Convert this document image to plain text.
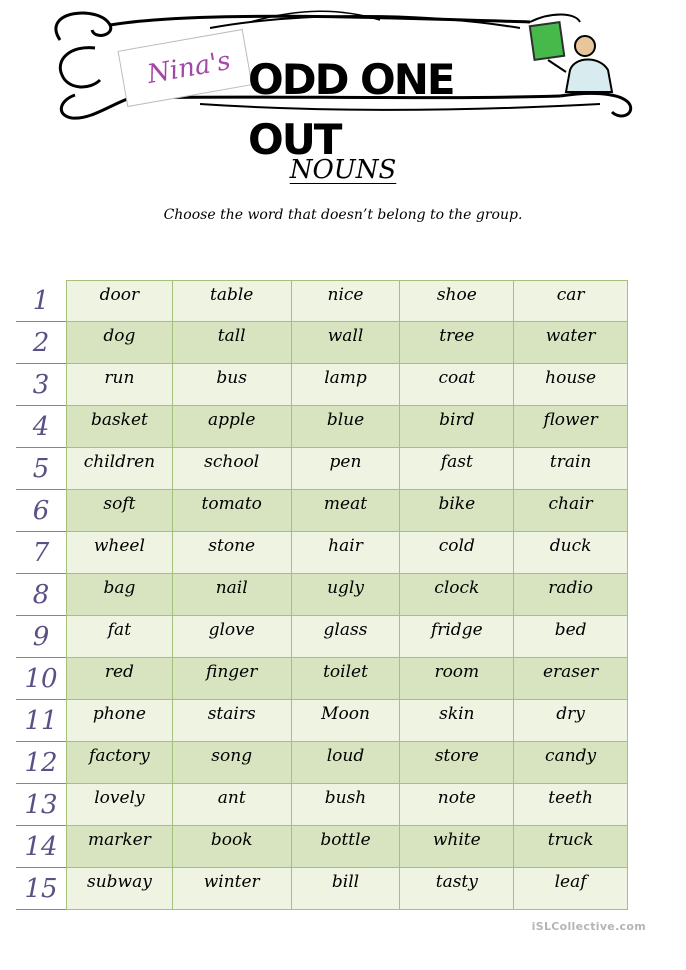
Nina's ODD ONE OUT
NOUNS
Choose the word that doesn’t belong to the group.
1	door	table	nice	shoe	car
2	dog	tall	wall	tree	water
3	run	bus	lamp	coat	house
4	basket	apple	blue	bird	flower
5	children	school	pen	fast	train
6	soft	tomato	meat	bike	chair
7	wheel	stone	hair	cold	duck
8	bag	nail	ugly	clock	radio
9	fat	glove	glass	fridge	bed
10	red	finger	toilet	room	eraser
11	phone	stairs	Moon	skin	dry
12	factory	song	loud	store	candy
13	lovely	ant	bush	note	teeth
14	marker	book	bottle	white	truck
15	subway	winter	bill	tasty	leaf
iSLCollective.com
